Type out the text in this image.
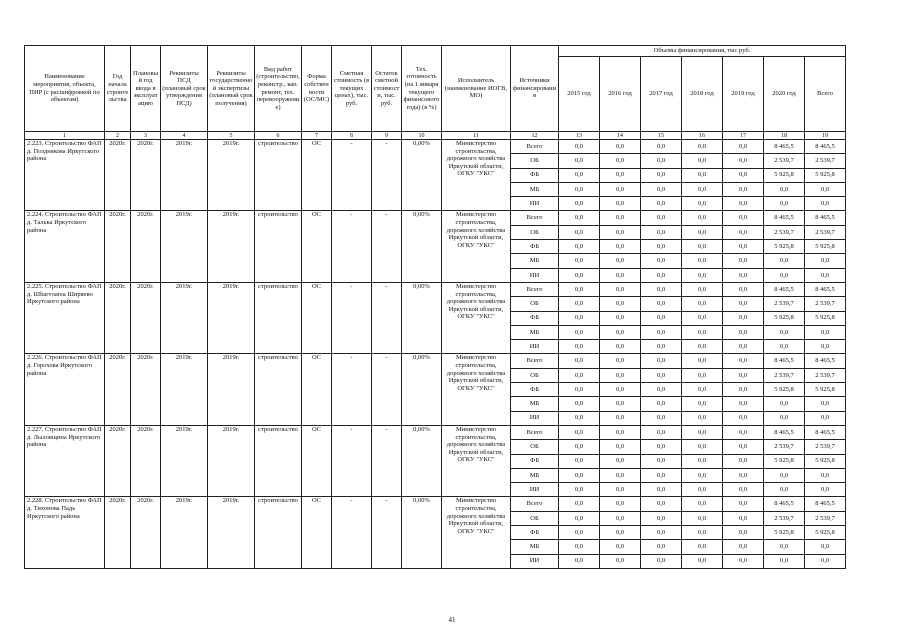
Наименование мероприятия, объекта, ПИР (с расшифровкой по объектам)	Год начала строительства	Плановый год ввода в эксплуатацию	Реквизиты ПСД (плановый срок утверждения ПСД)	Реквизиты государственной экспертизы (плановый срок получения)	Вид работ (строительство, реконстр., кап. ремонт, тех. перевооружение)	Форма собственности (ОС/МС)	Сметная стоимость (в текущих ценах), тыс. руб.	Остаток сметной стоимости, тыс. руб.	Тех. готовность (на 1 января текущего финансового года) (в %)	Исполнитель (наименование ИОГВ, МО)	Источники финансирования	Объемы финансирования, тыс руб.						
												2015 год	2016 год	2017 год	2018 год	2019 год	2020 год	Всего
1	2	3	4	5	6	7	8	9	10	11	12	13	14	15	16	17	18	19
2.223. Строительство ФАП д. Позднякова Иркутского района	2020г.	2020г.	2019г.	2019г.	строительство	ОС	-	-	0,00%	Министерство строительства, дорожного хозяйства Иркутской области, ОГКУ "УКС"	Всего	0,0	0,0	0,0	0,0	0,0	8 465,5	8 465,5
											ОБ	0,0	0,0	0,0	0,0	0,0	2 539,7	2 539,7
											ФБ	0,0	0,0	0,0	0,0	0,0	5 925,8	5 925,8
											МБ	0,0	0,0	0,0	0,0	0,0	0,0	0,0
											ИИ	0,0	0,0	0,0	0,0	0,0	0,0	0,0
2.224. Строительство ФАП д. Талька Иркутского района	2020г.	2020г.	2019г.	2019г.	строительство	ОС	-	-	0,00%	Министерство строительства, дорожного хозяйства Иркутской области, ОГКУ "УКС"	Всего	0,0	0,0	0,0	0,0	0,0	8 465,5	8 465,5
											ОБ	0,0	0,0	0,0	0,0	0,0	2 539,7	2 539,7
											ФБ	0,0	0,0	0,0	0,0	0,0	5 925,8	5 925,8
											МБ	0,0	0,0	0,0	0,0	0,0	0,0	0,0
											ИИ	0,0	0,0	0,0	0,0	0,0	0,0	0,0
2.225. Строительство ФАП д. Шharvoarea Ширяево Иркутского района	2020г.	2020г.	2019г.	2019г.	строительство	ОС	-	-	0,00%	Министерство строительства, дорожного хозяйства Иркутской области, ОГКУ "УКС"	Всего	0,0	0,0	0,0	0,0	0,0	8 465,5	8 465,5
											ОБ	0,0	0,0	0,0	0,0	0,0	2 539,7	2 539,7
											ФБ	0,0	0,0	0,0	0,0	0,0	5 925,8	5 925,8
											МБ	0,0	0,0	0,0	0,0	0,0	0,0	0,0
											ИИ	0,0	0,0	0,0	0,0	0,0	0,0	0,0
2.226. Строительство ФАП д. Горохова Иркутского района	2020г.	2020г.	2019г.	2019г.	строительство	ОС	-	-	0,00%	Министерство строительства, дорожного хозяйства Иркутской области, ОГКУ "УКС"	Всего	0,0	0,0	0,0	0,0	0,0	8 465,5	8 465,5
											ОБ	0,0	0,0	0,0	0,0	0,0	2 539,7	2 539,7
											ФБ	0,0	0,0	0,0	0,0	0,0	5 925,8	5 925,8
											МБ	0,0	0,0	0,0	0,0	0,0	0,0	0,0
											ИИ	0,0	0,0	0,0	0,0	0,0	0,0	0,0
2.227. Строительство ФАП д. Лыловщина Иркутского района	2020г.	2020г.	2019г.	2019г.	строительство	ОС	-	-	0,00%	Министерство строительства, дорожного хозяйства Иркутской области, ОГКУ "УКС"	Всего	0,0	0,0	0,0	0,0	0,0	8 465,5	8 465,5
											ОБ	0,0	0,0	0,0	0,0	0,0	2 539,7	2 539,7
											ФБ	0,0	0,0	0,0	0,0	0,0	5 925,8	5 925,8
											МБ	0,0	0,0	0,0	0,0	0,0	0,0	0,0
											ИИ	0,0	0,0	0,0	0,0	0,0	0,0	0,0
2.228. Строительство ФАП д. Тихонова Падь Иркутского района	2020г.	2020г.	2019г.	2019г.	строительство	ОС	-	-	0,00%	Министерство строительства, дорожного хозяйства Иркутской области, ОГКУ "УКС"	Всего	0,0	0,0	0,0	0,0	0,0	8 465,5	8 465,5
											ОБ	0,0	0,0	0,0	0,0	0,0	2 539,7	2 539,7
											ФБ	0,0	0,0	0,0	0,0	0,0	5 925,8	5 925,8
											МБ	0,0	0,0	0,0	0,0	0,0	0,0	0,0
											ИИ	0,0	0,0	0,0	0,0	0,0	0,0	0,0
41
